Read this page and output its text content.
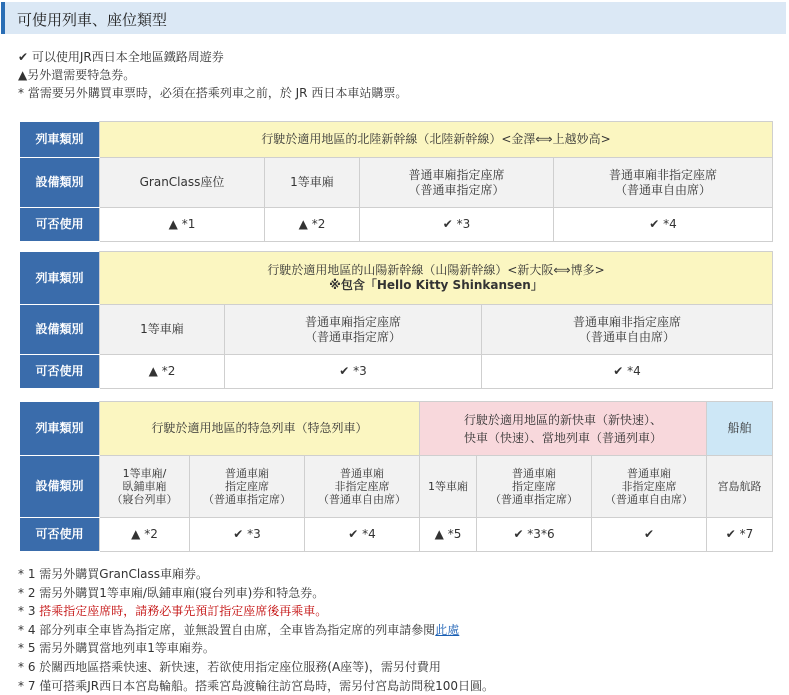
可使用列車、座位類型
✔ 可以使用JR西日本全地區鐵路周遊券
▲另外還需要特急券。
* 當需要另外購買車票時，必須在搭乘列車之前，於 JR 西日本車站購票。
列車類別	行駛於適用地區的北陸新幹線（北陸新幹線）<金澤⟺上越妙高>			
設備類別	GranClass座位	1等車廂	普通車廂指定座席
（普通車指定席）	普通車廂非指定座席
（普通車自由席）
可否使用	▲ *1	▲ *2	✔ *3	✔ *4
列車類別	行駛於適用地區的山陽新幹線（山陽新幹線）<新大阪⟺博多>
※包含「Hello Kitty Shinkansen」		

設備類別	1等車廂	普通車廂指定座席
（普通車指定席）	普通車廂非指定座席
（普通車自由席）
可否使用	▲ *2	✔ *3	✔ *4
列車類別	行駛於適用地區的特急列車（特急列車）			行駛於適用地區的新快車（新快速）、
快車（快速）、當地列車（普通列車）			船舶
設備類別	1等車廂/
臥鋪車廂
（寢台列車）	普通車廂
指定座席
（普通車指定席）	普通車廂
非指定座席
（普通車自由席）	1等車廂	普通車廂
指定座席
（普通車指定席）	普通車廂
非指定座席
（普通車自由席）	宮島航路
可否使用	▲ *2	✔ *3	✔ *4	▲ *5	✔ *3*6	✔	✔ *7
* 1 需另外購買GranClass車廂券。
* 2 需另外購買1等車廂/臥鋪車廂(寢台列車)券和特急券。
* 3 搭乘指定座席時，請務必事先預訂指定座席後再乘車。
* 4 部分列車全車皆為指定席，並無設置自由席，全車皆為指定席的列車請參閱此處
* 5 需另外購買當地列車1等車廂券。
* 6 於關西地區搭乘快速、新快速，若欲使用指定座位服務(A座等)，需另付費用
* 7 僅可搭乘JR西日本宮島輪船。搭乘宮島渡輪往訪宮島時，需另付宮島訪問稅100日圓。
